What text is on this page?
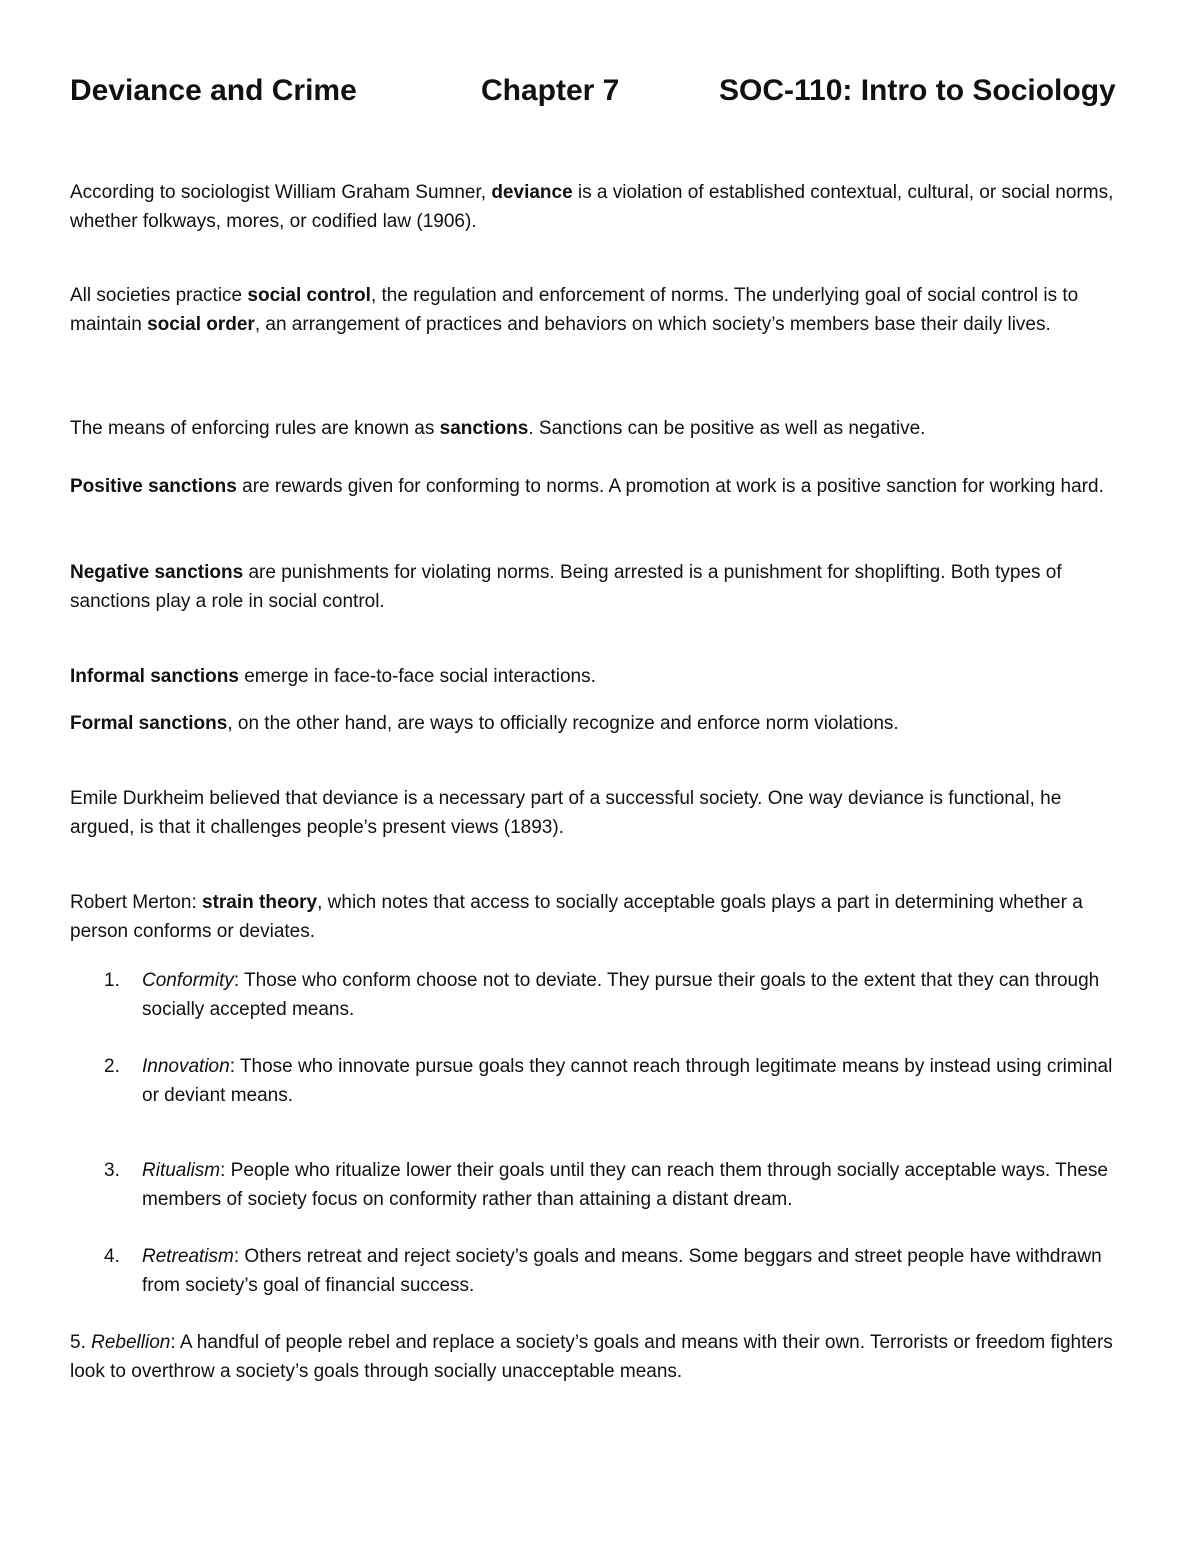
Deviance and Crime	Chapter 7	SOC-110: Intro to Sociology

According to sociologist William Graham Sumner, deviance is a violation of established contextual, cultural, or social norms, whether folkways, mores, or codified law (1906).

All societies practice social control, the regulation and enforcement of norms. The underlying goal of social control is to maintain social order, an arrangement of practices and behaviors on which society’s members base their daily lives.

The means of enforcing rules are known as sanctions. Sanctions can be positive as well as negative.

Positive sanctions are rewards given for conforming to norms. A promotion at work is a positive sanction for working hard.

Negative sanctions are punishments for violating norms. Being arrested is a punishment for shoplifting. Both types of sanctions play a role in social control.

Informal sanctions emerge in face-to-face social interactions.

Formal sanctions, on the other hand, are ways to officially recognize and enforce norm violations.

Emile Durkheim believed that deviance is a necessary part of a successful society. One way deviance is functional, he argued, is that it challenges people’s present views (1893).

Robert Merton: strain theory, which notes that access to socially acceptable goals plays a part in determining whether a person conforms or deviates.

1.	Conformity: Those who conform choose not to deviate. They pursue their goals to the extent that they can through socially accepted means.
2.	Innovation: Those who innovate pursue goals they cannot reach through legitimate means by instead using criminal or deviant means.
3.	Ritualism: People who ritualize lower their goals until they can reach them through socially acceptable ways. These members of society focus on conformity rather than attaining a distant dream.
4.	Retreatism: Others retreat and reject society’s goals and means. Some beggars and street people have withdrawn from society’s goal of financial success.

5. Rebellion: A handful of people rebel and replace a society’s goals and means with their own. Terrorists or freedom fighters look to overthrow a society’s goals through socially unacceptable means.
